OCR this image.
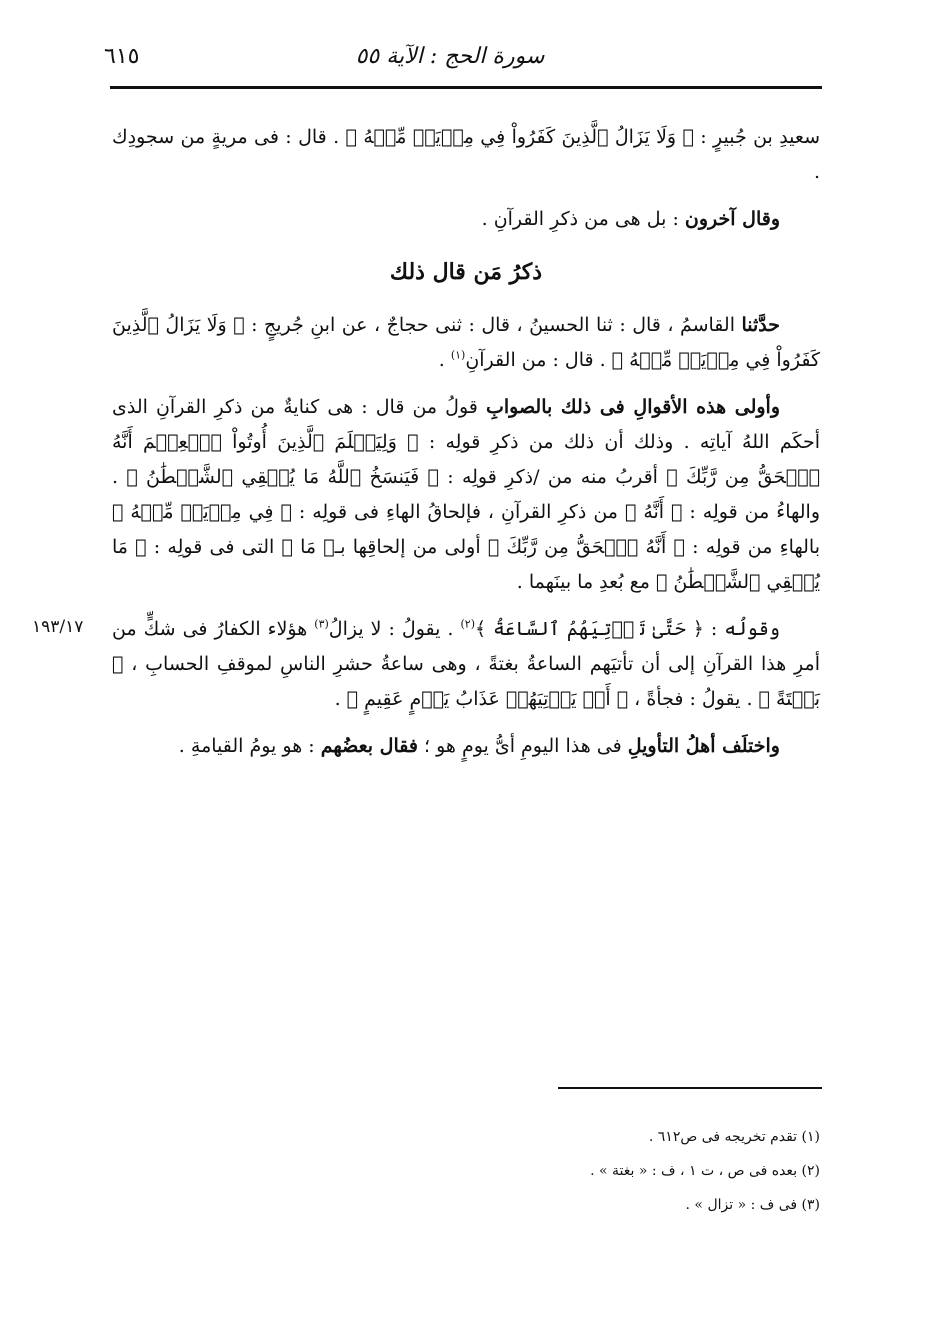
٦١٥	سورة الحج : الآية ٥٥
١٩٣/١٧

سعيدِ بن جُبيرٍ : ﴿ وَلَا يَزَالُ ٱلَّذِينَ كَفَرُواْ فِي مِرۡيَةٖ مِّنۡهُ ﴾ . قال : فى مريةٍ من سجودِك .

وقال آخرون : بل هى من ذكرِ القرآنِ .

ذكرُ مَن قال ذلك

حدَّثنا القاسمُ ، قال : ثنا الحسينُ ، قال : ثنى حجاجٌ ، عن ابنِ جُريجٍ : ﴿ وَلَا يَزَالُ ٱلَّذِينَ كَفَرُواْ فِي مِرۡيَةٖ مِّنۡهُ ﴾ . قال : من القرآنِ$^{(١)}$ .

وأولى هذه الأقوالِ فى ذلك بالصوابِ قولُ من قال : هى كنايةٌ من ذكرِ القرآنِ الذى أحكَم اللهُ آياتِه . وذلك أن ذلك من ذكرِ قولِه : ﴿ وَلِيَعۡلَمَ ٱلَّذِينَ أُوتُواْ ٱلۡعِلۡمَ أَنَّهُ ٱلۡحَقُّ مِن رَّبِّكَ ﴾ أقربُ منه من /ذكرِ قولِه : ﴿ فَيَنسَخُ ٱللَّهُ مَا يُلۡقِي ٱلشَّيۡطَٰنُ ﴾ . والهاءُ من قولِه : ﴿ أَنَّهُ ﴾ من ذكرِ القرآنِ ، فإلحاقُ الهاءِ فى قولِه : ﴿ فِي مِرۡيَةٖ مِّنۡهُ ﴾ بالهاءِ من قولِه : ﴿ أَنَّهُ ٱلۡحَقُّ مِن رَّبِّكَ ﴾ أولى من إلحاقِها بـ﴿ مَا ﴾ التى فى قولِه : ﴿ مَا يُلۡقِي ٱلشَّيۡطَٰنُ ﴾ مع بُعدِ ما بينَهما .

وقولُه : ﴿ حَتَّىٰ تَأۡتِيَهُمُ ٱلسَّاعَةُ ﴾$^{(٢)}$ . يقولُ : لا يزالُ$^{(٣)}$ هؤلاء الكفارُ فى شكٍّ من أمرِ هذا القرآنِ إلى أن تأتيَهم الساعةُ بغتةً ، وهى ساعةُ حشرِ الناسِ لموقفِ الحسابِ ، ﴿ بَغۡتَةً ﴾ . يقولُ : فجأةً ، ﴿ أَوۡ يَأۡتِيَهُمۡ عَذَابُ يَوۡمٍ عَقِيمٍ ﴾ .

واختلَف أهلُ التأويلِ فى هذا اليومِ أىُّ يومٍ هو ؛ فقال بعضُهم : هو يومُ القيامةِ .

(١) تقدم تخريجه فى ص٦١٢ .
(٢) بعده فى ص ، ت ١ ، ف : « بغتة » .
(٣) فى ف : « تزال » .
